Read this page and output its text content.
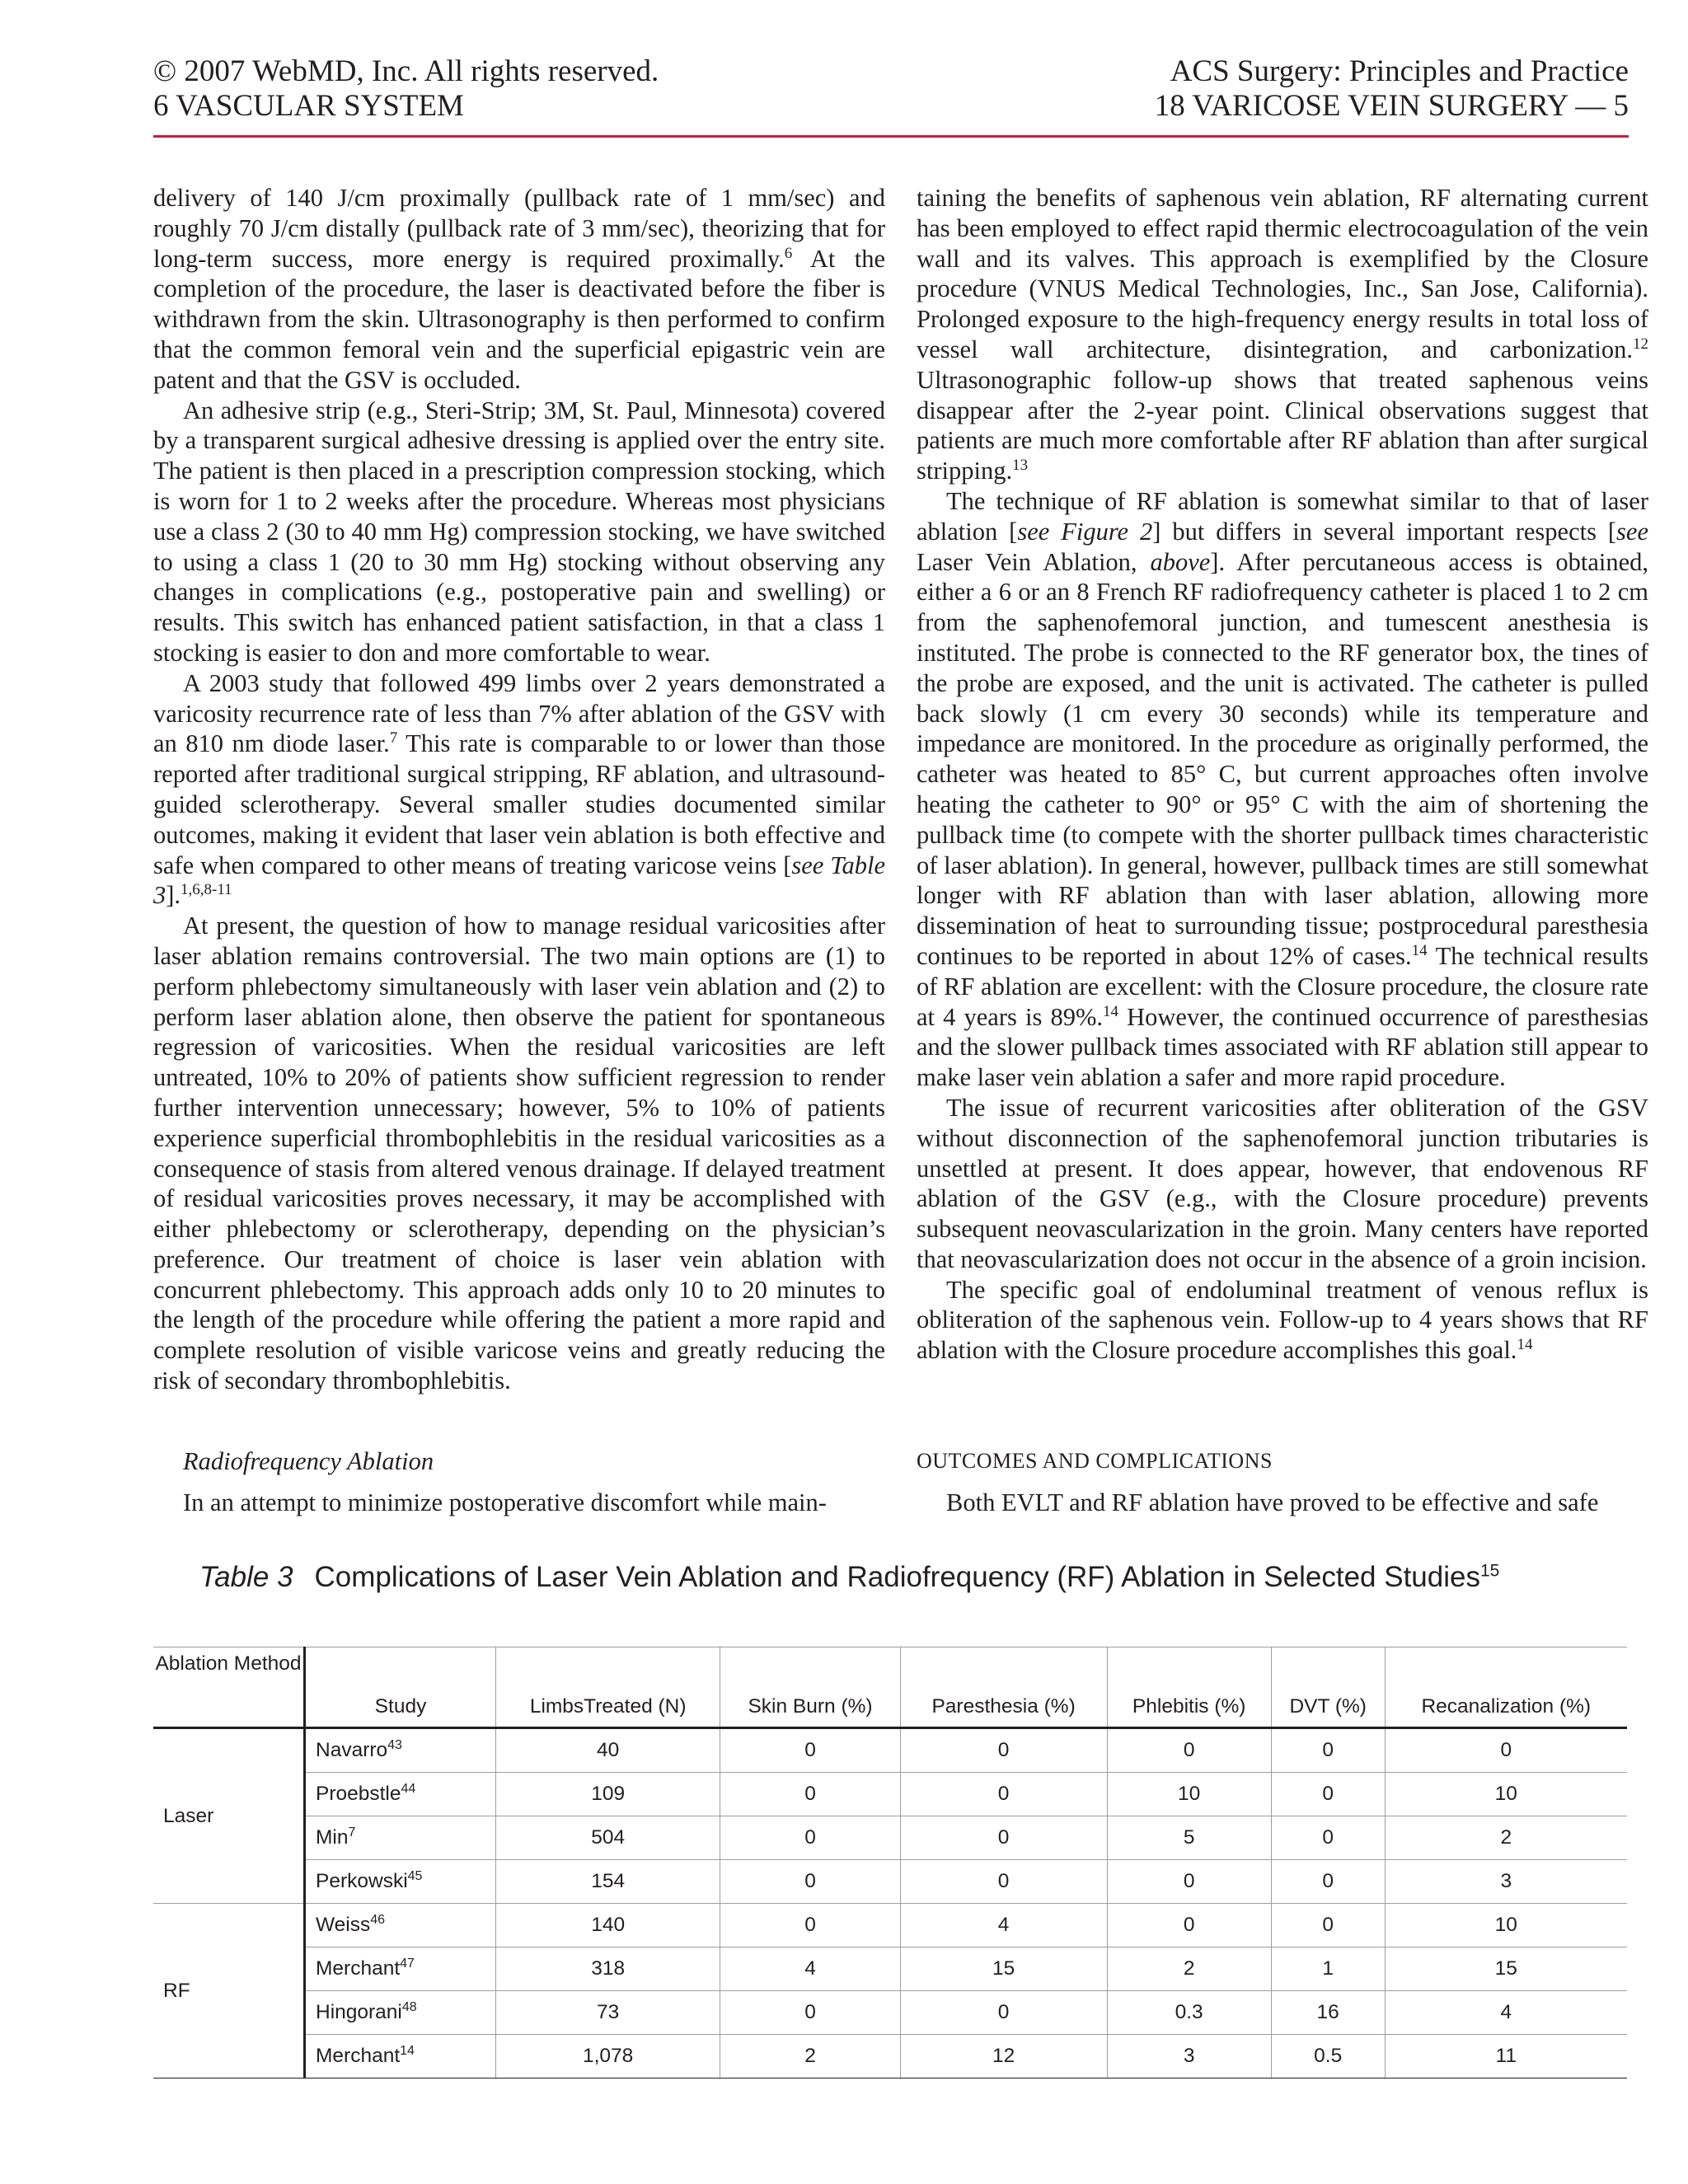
© 2007 WebMD, Inc. All rights reserved.
6 VASCULAR SYSTEM
ACS Surgery: Principles and Practice
18 VARICOSE VEIN SURGERY — 5

delivery of 140 J/cm proximally (pullback rate of 1 mm/sec) and roughly 70 J/cm distally (pullback rate of 3 mm/sec), theorizing that for long-term success, more energy is required proximally.$^6$ At the completion of the procedure, the laser is deactivated before the fiber is withdrawn from the skin. Ultrasonography is then performed to confirm that the common femoral vein and the superficial epigastric vein are patent and that the GSV is occluded.

An adhesive strip (e.g., Steri-Strip; 3M, St. Paul, Minnesota) covered by a transparent surgical adhesive dressing is applied over the entry site. The patient is then placed in a prescription compression stocking, which is worn for 1 to 2 weeks after the procedure. Whereas most physicians use a class 2 (30 to 40 mm Hg) compression stocking, we have switched to using a class 1 (20 to 30 mm Hg) stocking without observing any changes in complications (e.g., postoperative pain and swelling) or results. This switch has enhanced patient satisfaction, in that a class 1 stocking is easier to don and more comfortable to wear.

A 2003 study that followed 499 limbs over 2 years demonstrated a varicosity recurrence rate of less than 7% after ablation of the GSV with an 810 nm diode laser.$^7$ This rate is comparable to or lower than those reported after traditional surgical stripping, RF ablation, and ultrasound-guided sclerotherapy. Several smaller studies documented similar outcomes, making it evident that laser vein ablation is both effective and safe when compared to other means of treating varicose veins [see Table 3].$^{1,6,8-11}$

At present, the question of how to manage residual varicosities after laser ablation remains controversial. The two main options are (1) to perform phlebectomy simultaneously with laser vein ablation and (2) to perform laser ablation alone, then observe the patient for spontaneous regression of varicosities. When the residual varicosities are left untreated, 10% to 20% of patients show sufficient regression to render further intervention unnecessary; however, 5% to 10% of patients experience superficial thrombophlebitis in the residual varicosities as a consequence of stasis from altered venous drainage. If delayed treatment of residual varicosities proves necessary, it may be accomplished with either phlebectomy or sclerotherapy, depending on the physician’s preference. Our treatment of choice is laser vein ablation with concurrent phlebectomy. This approach adds only 10 to 20 minutes to the length of the procedure while offering the patient a more rapid and complete resolution of visible varicose veins and greatly reducing the risk of secondary thrombophlebitis.

Radiofrequency Ablation
In an attempt to minimize postoperative discomfort while main-

taining the benefits of saphenous vein ablation, RF alternating current has been employed to effect rapid thermic electrocoagulation of the vein wall and its valves. This approach is exemplified by the Closure procedure (VNUS Medical Technologies, Inc., San Jose, California). Prolonged exposure to the high-frequency energy results in total loss of vessel wall architecture, disintegration, and carbonization.$^{12}$ Ultrasonographic follow-up shows that treated saphenous veins disappear after the 2-year point. Clinical observations suggest that patients are much more comfortable after RF ablation than after surgical stripping.$^{13}$

The technique of RF ablation is somewhat similar to that of laser ablation [see Figure 2] but differs in several important respects [see Laser Vein Ablation, above]. After percutaneous access is obtained, either a 6 or an 8 French RF radiofrequency catheter is placed 1 to 2 cm from the saphenofemoral junction, and tumescent anesthesia is instituted. The probe is connected to the RF generator box, the tines of the probe are exposed, and the unit is activated. The catheter is pulled back slowly (1 cm every 30 seconds) while its temperature and impedance are monitored. In the procedure as originally performed, the catheter was heated to 85° C, but current approaches often involve heating the catheter to 90° or 95° C with the aim of shortening the pullback time (to compete with the shorter pullback times characteristic of laser ablation). In general, however, pullback times are still somewhat longer with RF ablation than with laser ablation, allowing more dissemination of heat to surrounding tissue; postprocedural paresthesia continues to be reported in about 12% of cases.$^{14}$ The technical results of RF ablation are excellent: with the Closure procedure, the closure rate at 4 years is 89%.$^{14}$ However, the continued occurrence of paresthesias and the slower pullback times associated with RF ablation still appear to make laser vein ablation a safer and more rapid procedure.

The issue of recurrent varicosities after obliteration of the GSV without disconnection of the saphenofemoral junction tributaries is unsettled at present. It does appear, however, that endovenous RF ablation of the GSV (e.g., with the Closure procedure) prevents subsequent neovascularization in the groin. Many centers have reported that neovascularization does not occur in the absence of a groin incision.

The specific goal of endoluminal treatment of venous reflux is obliteration of the saphenous vein. Follow-up to 4 years shows that RF ablation with the Closure procedure accomplishes this goal.$^{14}$

OUTCOMES AND COMPLICATIONS
Both EVLT and RF ablation have proved to be effective and safe
Table 3 Complications of Laser Vein Ablation and Radiofrequency (RF) Ablation in Selected Studies$^{15}$
Ablation Method	Study	LimbsTreated (N)	Skin Burn (%)	Paresthesia (%)	Phlebitis (%)	DVT (%)	Recanalization (%)
Laser	Navarro$^{43}$	40	0	0	0	0	0
	Proebstle$^{44}$	109	0	0	10	0	10
	Min$^7$	504	0	0	5	0	2
	Perkowski$^{45}$	154	0	0	0	0	3
RF	Weiss$^{46}$	140	0	4	0	0	10
	Merchant$^{47}$	318	4	15	2	1	15
	Hingorani$^{48}$	73	0	0	0.3	16	4
	Merchant$^{14}$	1,078	2	12	3	0.5	11
